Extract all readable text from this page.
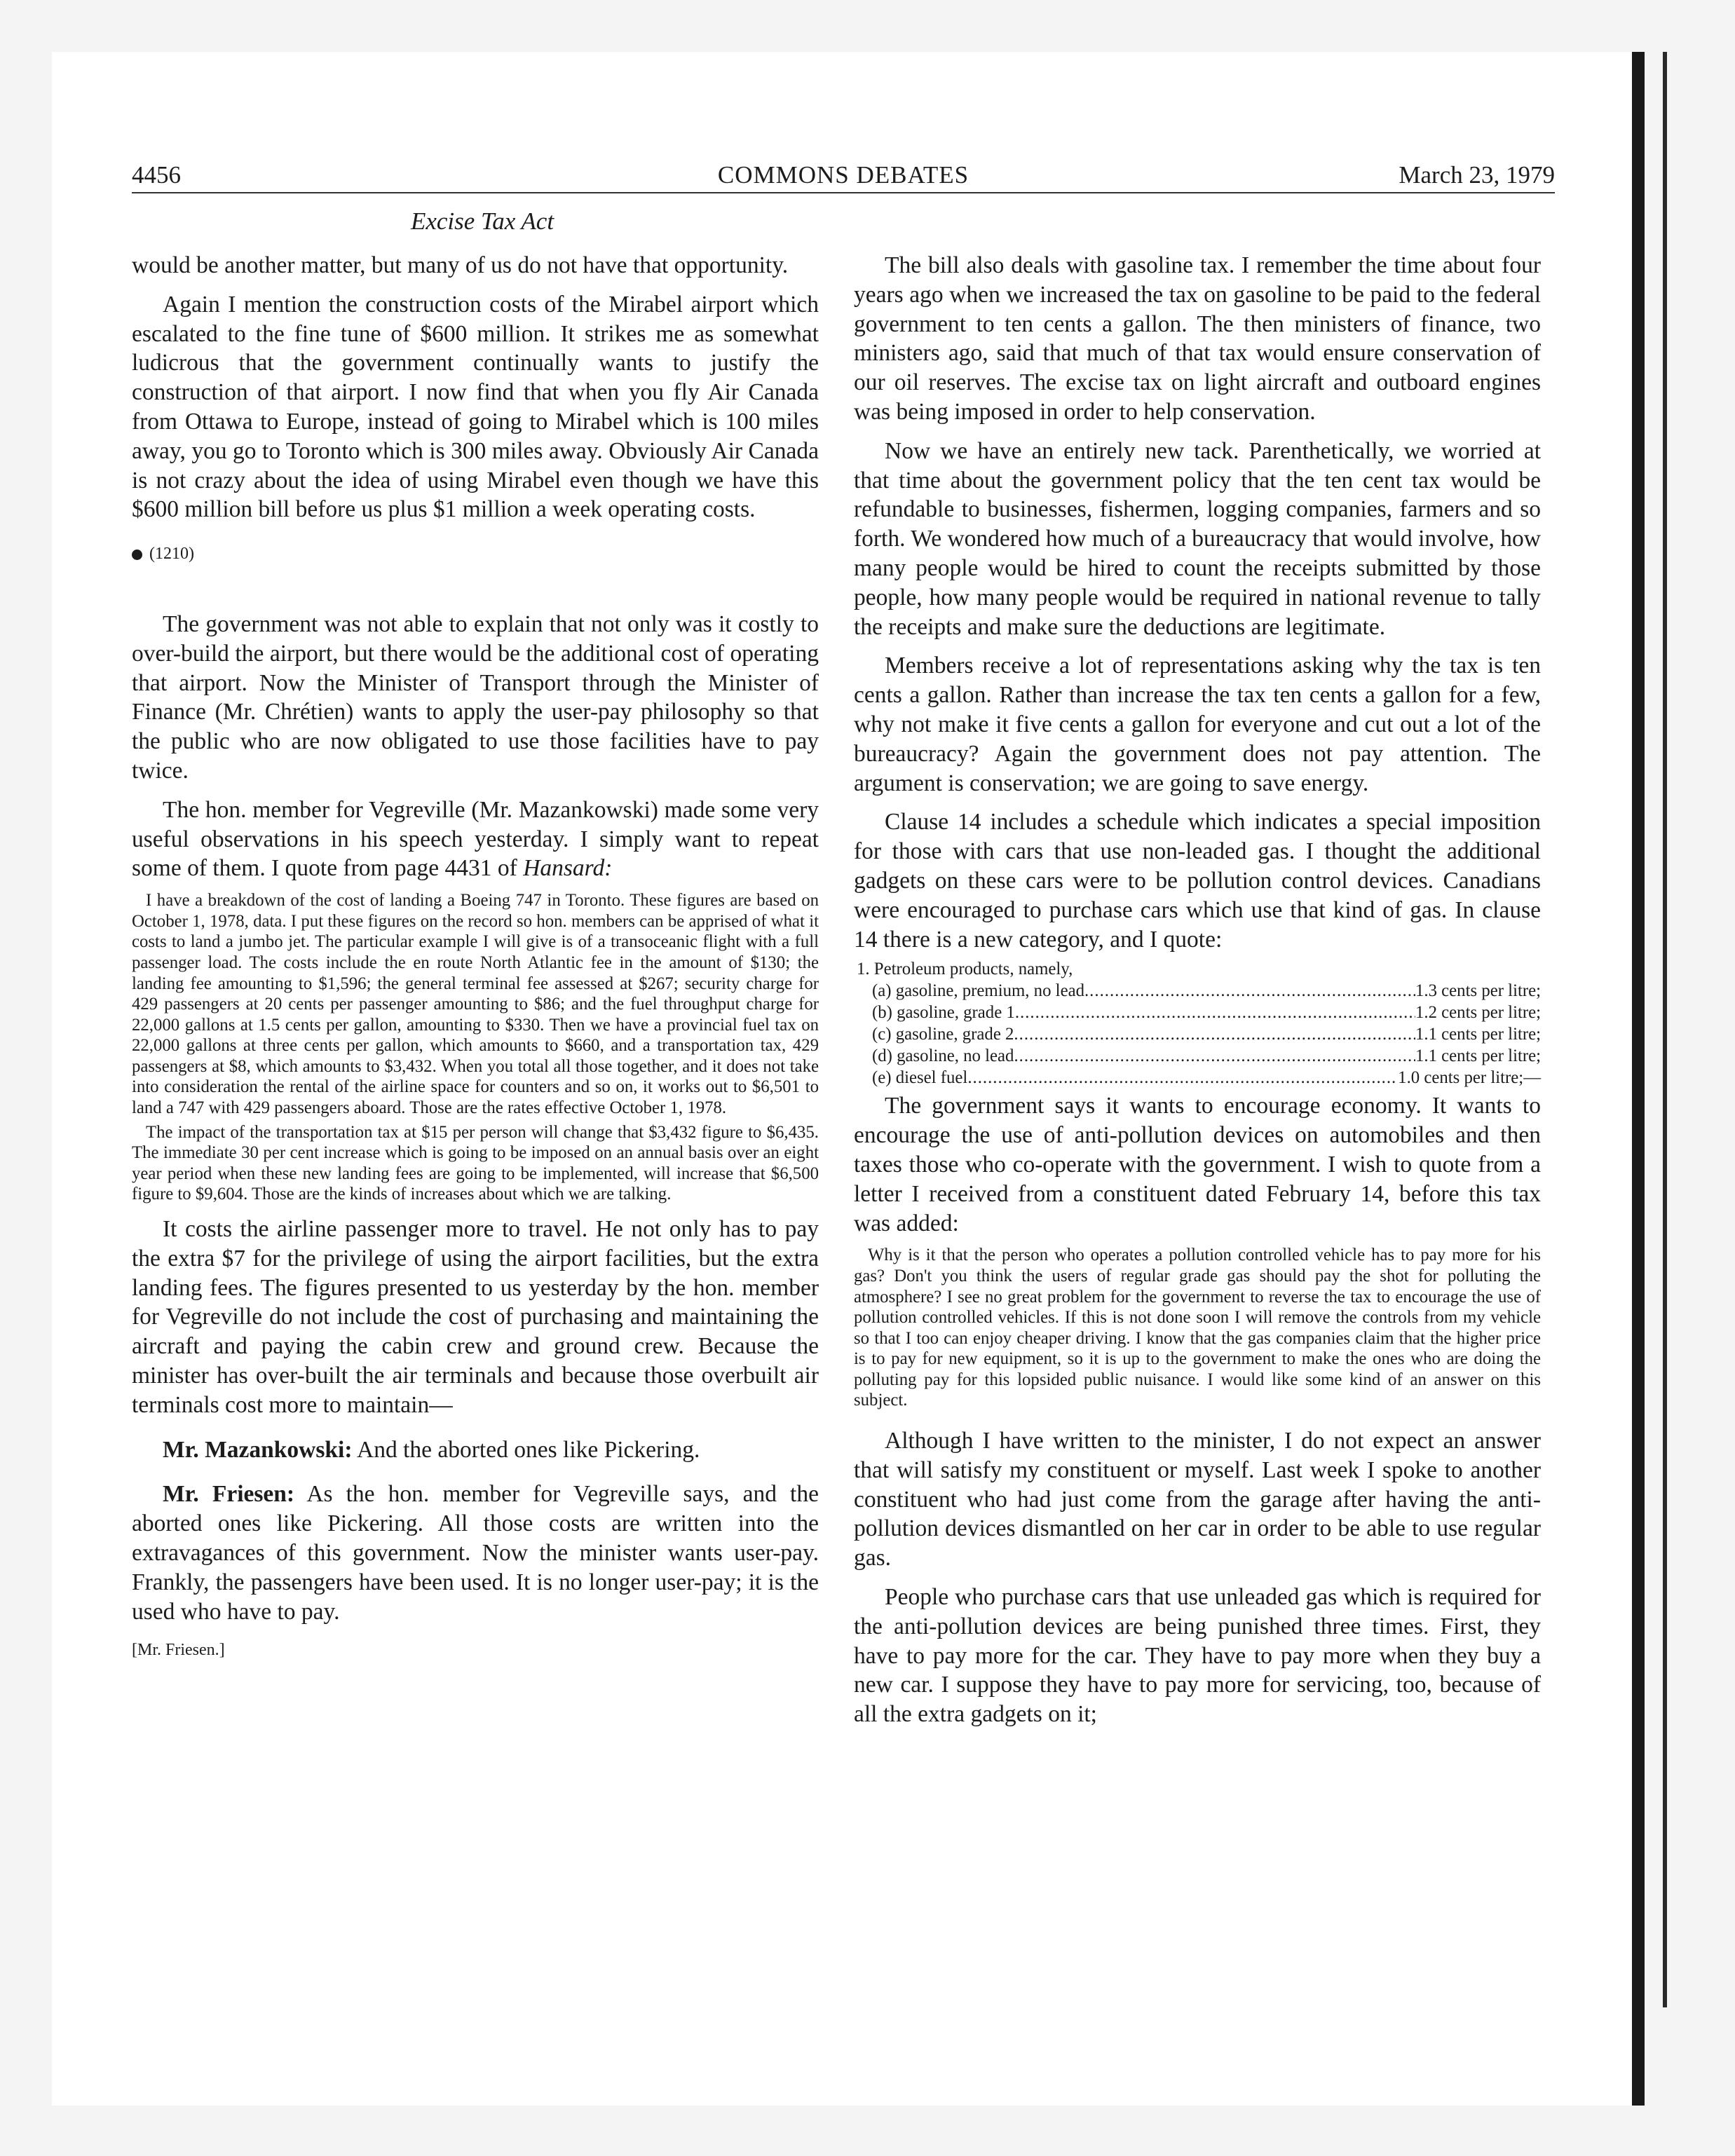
4456	COMMONS DEBATES	March 23, 1979
Excise Tax Act

would be another matter, but many of us do not have that opportunity.

Again I mention the construction costs of the Mirabel airport which escalated to the fine tune of $600 million. It strikes me as somewhat ludicrous that the government continually wants to justify the construction of that airport. I now find that when you fly Air Canada from Ottawa to Europe, instead of going to Mirabel which is 100 miles away, you go to Toronto which is 300 miles away. Obviously Air Canada is not crazy about the idea of using Mirabel even though we have this $600 million bill before us plus $1 million a week operating costs.

(1210)

The government was not able to explain that not only was it costly to over-build the airport, but there would be the additional cost of operating that airport. Now the Minister of Transport through the Minister of Finance (Mr. Chrétien) wants to apply the user-pay philosophy so that the public who are now obligated to use those facilities have to pay twice.

The hon. member for Vegreville (Mr. Mazankowski) made some very useful observations in his speech yesterday. I simply want to repeat some of them. I quote from page 4431 of Hansard:

I have a breakdown of the cost of landing a Boeing 747 in Toronto. These figures are based on October 1, 1978, data. I put these figures on the record so hon. members can be apprised of what it costs to land a jumbo jet. The particular example I will give is of a transoceanic flight with a full passenger load. The costs include the en route North Atlantic fee in the amount of $130; the landing fee amounting to $1,596; the general terminal fee assessed at $267; security charge for 429 passengers at 20 cents per passenger amounting to $86; and the fuel throughput charge for 22,000 gallons at 1.5 cents per gallon, amounting to $330. Then we have a provincial fuel tax on 22,000 gallons at three cents per gallon, which amounts to $660, and a transportation tax, 429 passengers at $8, which amounts to $3,432. When you total all those together, and it does not take into consideration the rental of the airline space for counters and so on, it works out to $6,501 to land a 747 with 429 passengers aboard. Those are the rates effective October 1, 1978.

The impact of the transportation tax at $15 per person will change that $3,432 figure to $6,435. The immediate 30 per cent increase which is going to be imposed on an annual basis over an eight year period when these new landing fees are going to be implemented, will increase that $6,500 figure to $9,604. Those are the kinds of increases about which we are talking.

It costs the airline passenger more to travel. He not only has to pay the extra $7 for the privilege of using the airport facilities, but the extra landing fees. The figures presented to us yesterday by the hon. member for Vegreville do not include the cost of purchasing and maintaining the aircraft and paying the cabin crew and ground crew. Because the minister has over-built the air terminals and because those overbuilt air terminals cost more to maintain—

Mr. Mazankowski: And the aborted ones like Pickering.

Mr. Friesen: As the hon. member for Vegreville says, and the aborted ones like Pickering. All those costs are written into the extravagances of this government. Now the minister wants user-pay. Frankly, the passengers have been used. It is no longer user-pay; it is the used who have to pay.

[Mr. Friesen.]

The bill also deals with gasoline tax. I remember the time about four years ago when we increased the tax on gasoline to be paid to the federal government to ten cents a gallon. The then ministers of finance, two ministers ago, said that much of that tax would ensure conservation of our oil reserves. The excise tax on light aircraft and outboard engines was being imposed in order to help conservation.

Now we have an entirely new tack. Parenthetically, we worried at that time about the government policy that the ten cent tax would be refundable to businesses, fishermen, logging companies, farmers and so forth. We wondered how much of a bureaucracy that would involve, how many people would be hired to count the receipts submitted by those people, how many people would be required in national revenue to tally the receipts and make sure the deductions are legitimate.

Members receive a lot of representations asking why the tax is ten cents a gallon. Rather than increase the tax ten cents a gallon for a few, why not make it five cents a gallon for everyone and cut out a lot of the bureaucracy? Again the government does not pay attention. The argument is conservation; we are going to save energy.

Clause 14 includes a schedule which indicates a special imposition for those with cars that use non-leaded gas. I thought the additional gadgets on these cars were to be pollution control devices. Canadians were encouraged to purchase cars which use that kind of gas. In clause 14 there is a new category, and I quote:

1. Petroleum products, namely,
(a) gasoline, premium, no lead .....	1.3 cents per litre;
(b) gasoline, grade 1 .....	1.2 cents per litre;
(c) gasoline, grade 2 .....	1.1 cents per litre;
(d) gasoline, no lead .....	1.1 cents per litre;
(e) diesel fuel .....	1.0 cents per litre;—

The government says it wants to encourage economy. It wants to encourage the use of anti-pollution devices on automobiles and then taxes those who co-operate with the government. I wish to quote from a letter I received from a constituent dated February 14, before this tax was added:

Why is it that the person who operates a pollution controlled vehicle has to pay more for his gas? Don't you think the users of regular grade gas should pay the shot for polluting the atmosphere? I see no great problem for the government to reverse the tax to encourage the use of pollution controlled vehicles. If this is not done soon I will remove the controls from my vehicle so that I too can enjoy cheaper driving. I know that the gas companies claim that the higher price is to pay for new equipment, so it is up to the government to make the ones who are doing the polluting pay for this lopsided public nuisance. I would like some kind of an answer on this subject.

Although I have written to the minister, I do not expect an answer that will satisfy my constituent or myself. Last week I spoke to another constituent who had just come from the garage after having the anti-pollution devices dismantled on her car in order to be able to use regular gas.

People who purchase cars that use unleaded gas which is required for the anti-pollution devices are being punished three times. First, they have to pay more for the car. They have to pay more when they buy a new car. I suppose they have to pay more for servicing, too, because of all the extra gadgets on it;
